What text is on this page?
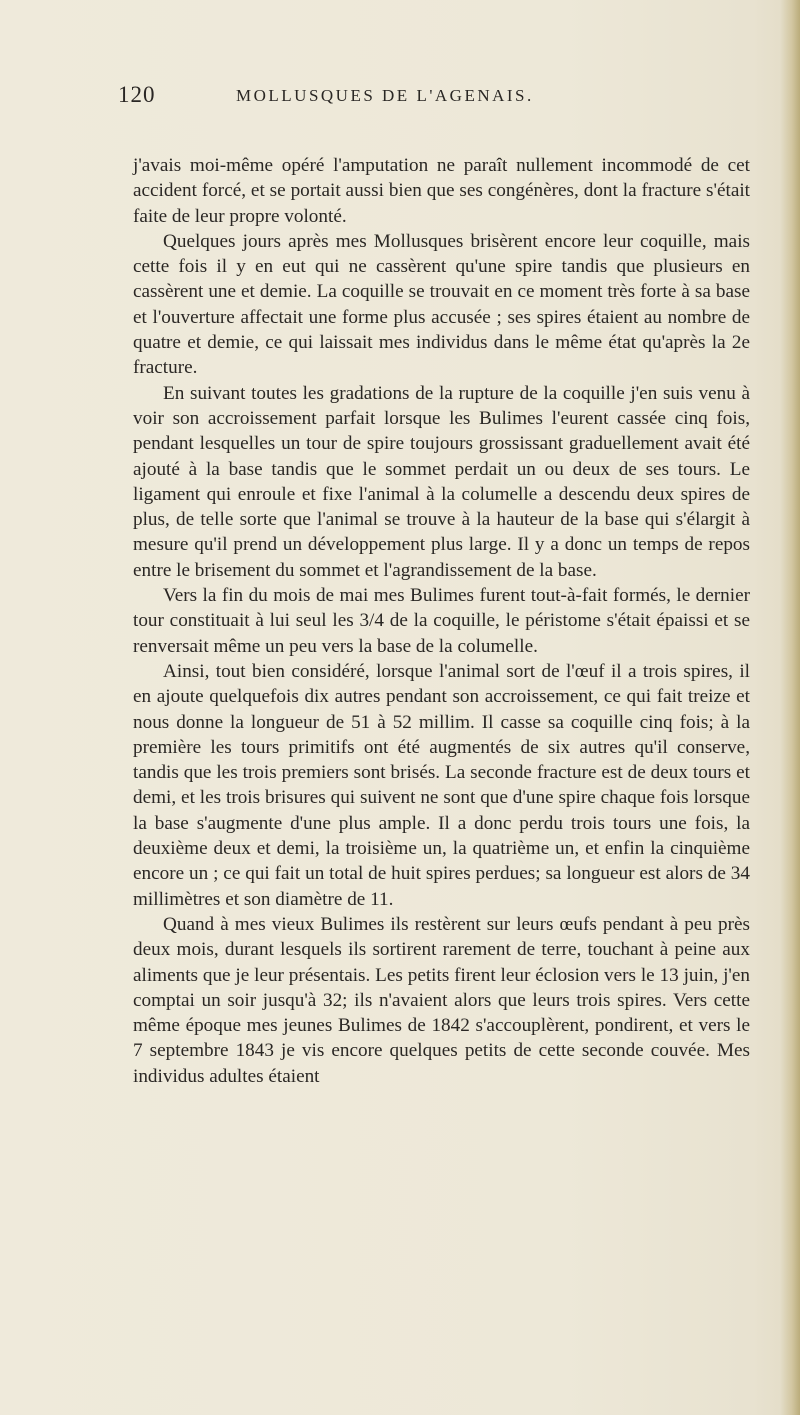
120	MOLLUSQUES DE L'AGENAIS.

j'avais moi-même opéré l'amputation ne paraît nullement incommodé de cet accident forcé, et se portait aussi bien que ses congénères, dont la fracture s'était faite de leur propre volonté.

Quelques jours après mes Mollusques brisèrent encore leur coquille, mais cette fois il y en eut qui ne cassèrent qu'une spire tandis que plusieurs en cassèrent une et demie. La coquille se trouvait en ce moment très forte à sa base et l'ouverture affectait une forme plus accusée ; ses spires étaient au nombre de quatre et demie, ce qui laissait mes individus dans le même état qu'après la 2e fracture.

En suivant toutes les gradations de la rupture de la coquille j'en suis venu à voir son accroissement parfait lorsque les Bulimes l'eurent cassée cinq fois, pendant lesquelles un tour de spire toujours grossissant graduellement avait été ajouté à la base tandis que le sommet perdait un ou deux de ses tours. Le ligament qui enroule et fixe l'animal à la columelle a descendu deux spires de plus, de telle sorte que l'animal se trouve à la hauteur de la base qui s'élargit à mesure qu'il prend un développement plus large. Il y a donc un temps de repos entre le brisement du sommet et l'agrandissement de la base.

Vers la fin du mois de mai mes Bulimes furent tout-à-fait formés, le dernier tour constituait à lui seul les 3/4 de la coquille, le péristome s'était épaissi et se renversait même un peu vers la base de la columelle.

Ainsi, tout bien considéré, lorsque l'animal sort de l'œuf il a trois spires, il en ajoute quelquefois dix autres pendant son accroissement, ce qui fait treize et nous donne la longueur de 51 à 52 millim. Il casse sa coquille cinq fois; à la première les tours primitifs ont été augmentés de six autres qu'il conserve, tandis que les trois premiers sont brisés. La seconde fracture est de deux tours et demi, et les trois brisures qui suivent ne sont que d'une spire chaque fois lorsque la base s'augmente d'une plus ample. Il a donc perdu trois tours une fois, la deuxième deux et demi, la troisième un, la quatrième un, et enfin la cinquième encore un ; ce qui fait un total de huit spires perdues; sa longueur est alors de 34 millimètres et son diamètre de 11.

Quand à mes vieux Bulimes ils restèrent sur leurs œufs pendant à peu près deux mois, durant lesquels ils sortirent rarement de terre, touchant à peine aux aliments que je leur présentais. Les petits firent leur éclosion vers le 13 juin, j'en comptai un soir jusqu'à 32; ils n'avaient alors que leurs trois spires. Vers cette même époque mes jeunes Bulimes de 1842 s'accouplèrent, pondirent, et vers le 7 septembre 1843 je vis encore quelques petits de cette seconde couvée. Mes individus adultes étaient
